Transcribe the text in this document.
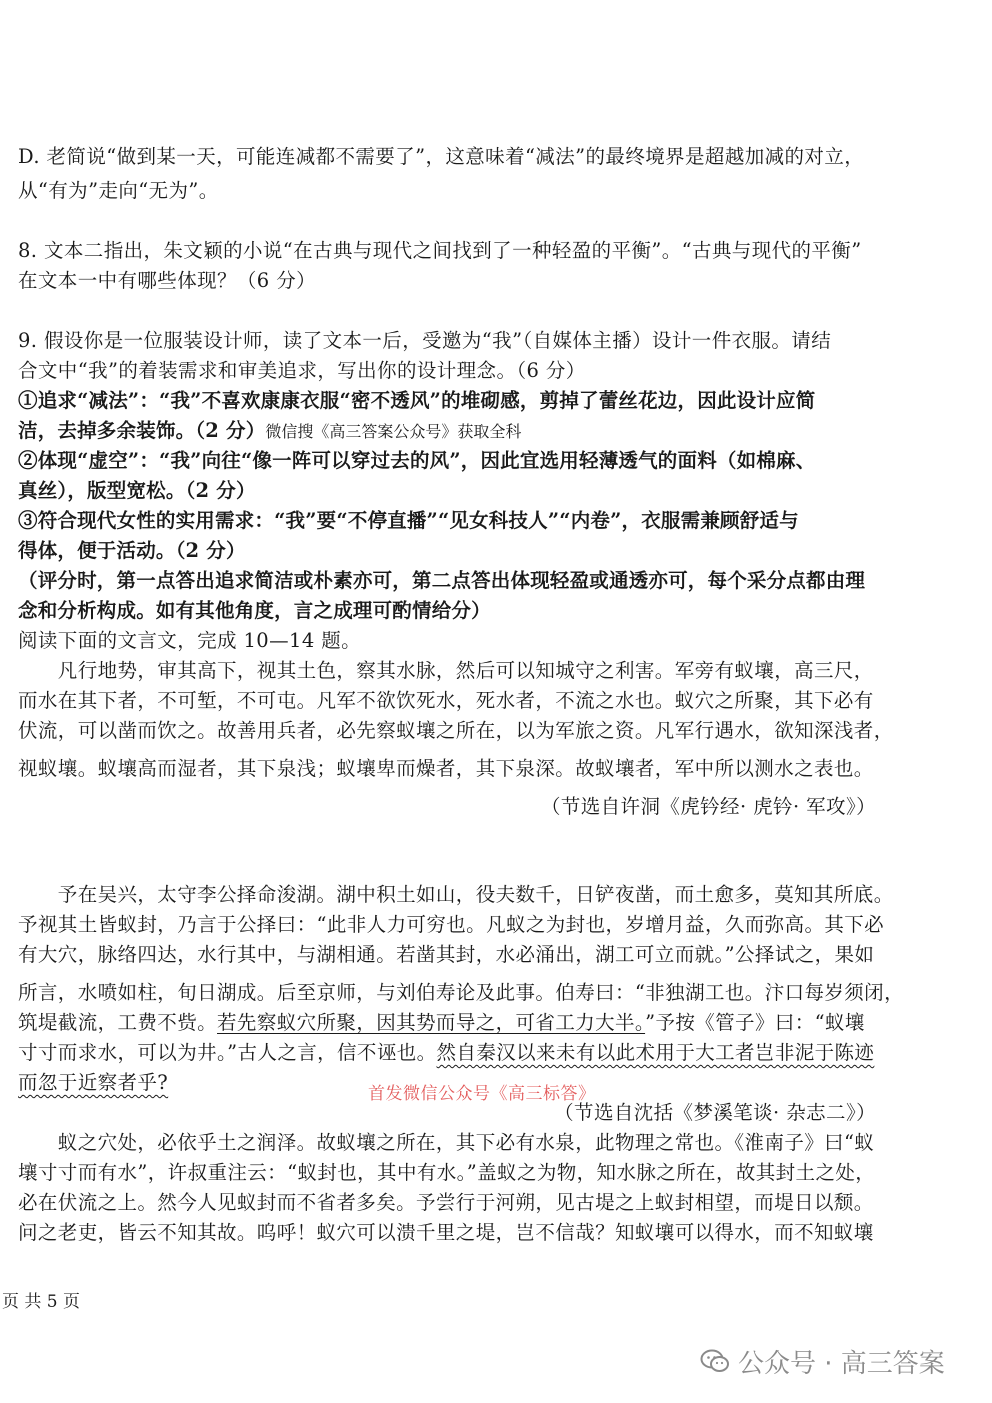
D. 老简说“做到某一天，可能连减都不需要了”，这意味着“减法”的最终境界是超越加减的对立，
从“有为”走向“无为”。
8. 文本二指出，朱文颖的小说“在古典与现代之间找到了一种轻盈的平衡”。“古典与现代的平衡”
在文本一中有哪些体现？（6 分）
9. 假设你是一位服装设计师，读了文本一后，受邀为“我”（自媒体主播）设计一件衣服。请结
合文中“我”的着装需求和审美追求，写出你的设计理念。（6 分）
①追求“减法”：“我”不喜欢康康衣服“密不透风”的堆砌感，剪掉了蕾丝花边，因此设计应简
洁，去掉多余装饰。（2 分）微信搜《高三答案公众号》获取全科
②体现“虚空”：“我”向往“像一阵可以穿过去的风”，因此宜选用轻薄透气的面料（如棉麻、
真丝），版型宽松。（2 分）
③符合现代女性的实用需求：“我”要“不停直播”“见女科技人”“内卷”，衣服需兼顾舒适与
得体，便于活动。（2 分）
（评分时，第一点答出追求简洁或朴素亦可，第二点答出体现轻盈或通透亦可，每个采分点都由理
念和分析构成。如有其他角度，言之成理可酌情给分）
阅读下面的文言文，完成 10—14 题。
　　凡行地势，审其高下，视其土色，察其水脉，然后可以知城守之利害。军旁有蚁壤，高三尺，
而水在其下者，不可堑，不可屯。凡军不欲饮死水，死水者，不流之水也。蚁穴之所聚，其下必有
伏流，可以凿而饮之。故善用兵者，必先察蚁壤之所在，以为军旅之资。凡军行遇水，欲知深浅者，
视蚁壤。蚁壤高而湿者，其下泉浅；蚁壤卑而燥者，其下泉深。故蚁壤者，军中所以测水之表也。
（节选自许洞《虎钤经· 虎钤· 军攻》）
　　予在吴兴，太守李公择命浚湖。湖中积土如山，役夫数千，日铲夜凿，而土愈多，莫知其所底。
予视其土皆蚁封，乃言于公择曰：“此非人力可穷也。凡蚁之为封也，岁增月益，久而弥高。其下必
有大穴，脉络四达，水行其中，与湖相通。若凿其封，水必涌出，湖工可立而就。”公择试之，果如
所言，水喷如柱，旬日湖成。后至京师，与刘伯寿论及此事。伯寿曰：“非独湖工也。汴口每岁须闭，
筑堤截流，工费不赀。若先察蚁穴所聚，因其势而导之，可省工力大半。”予按《管子》曰：“蚁壤
寸寸而求水，可以为井。”古人之言，信不诬也。然自秦汉以来未有以此术用于大工者岂非泥于陈迹
而忽于近察者乎?	首发微信公众号《高三标答》
（节选自沈括《梦溪笔谈· 杂志二》）
　　蚁之穴处，必依乎土之润泽。故蚁壤之所在，其下必有水泉，此物理之常也。《淮南子》曰“蚁
壤寸寸而有水”，许叔重注云：“蚁封也，其中有水。”盖蚁之为物，知水脉之所在，故其封土之处，
必在伏流之上。然今人见蚁封而不省者多矣。予尝行于河朔，见古堤之上蚁封相望，而堤日以颓。
问之老吏，皆云不知其故。呜呼！蚁穴可以溃千里之堤，岂不信哉？知蚁壤可以得水，而不知蚁壤
页 共 5 页
公众号 · 高三答案
